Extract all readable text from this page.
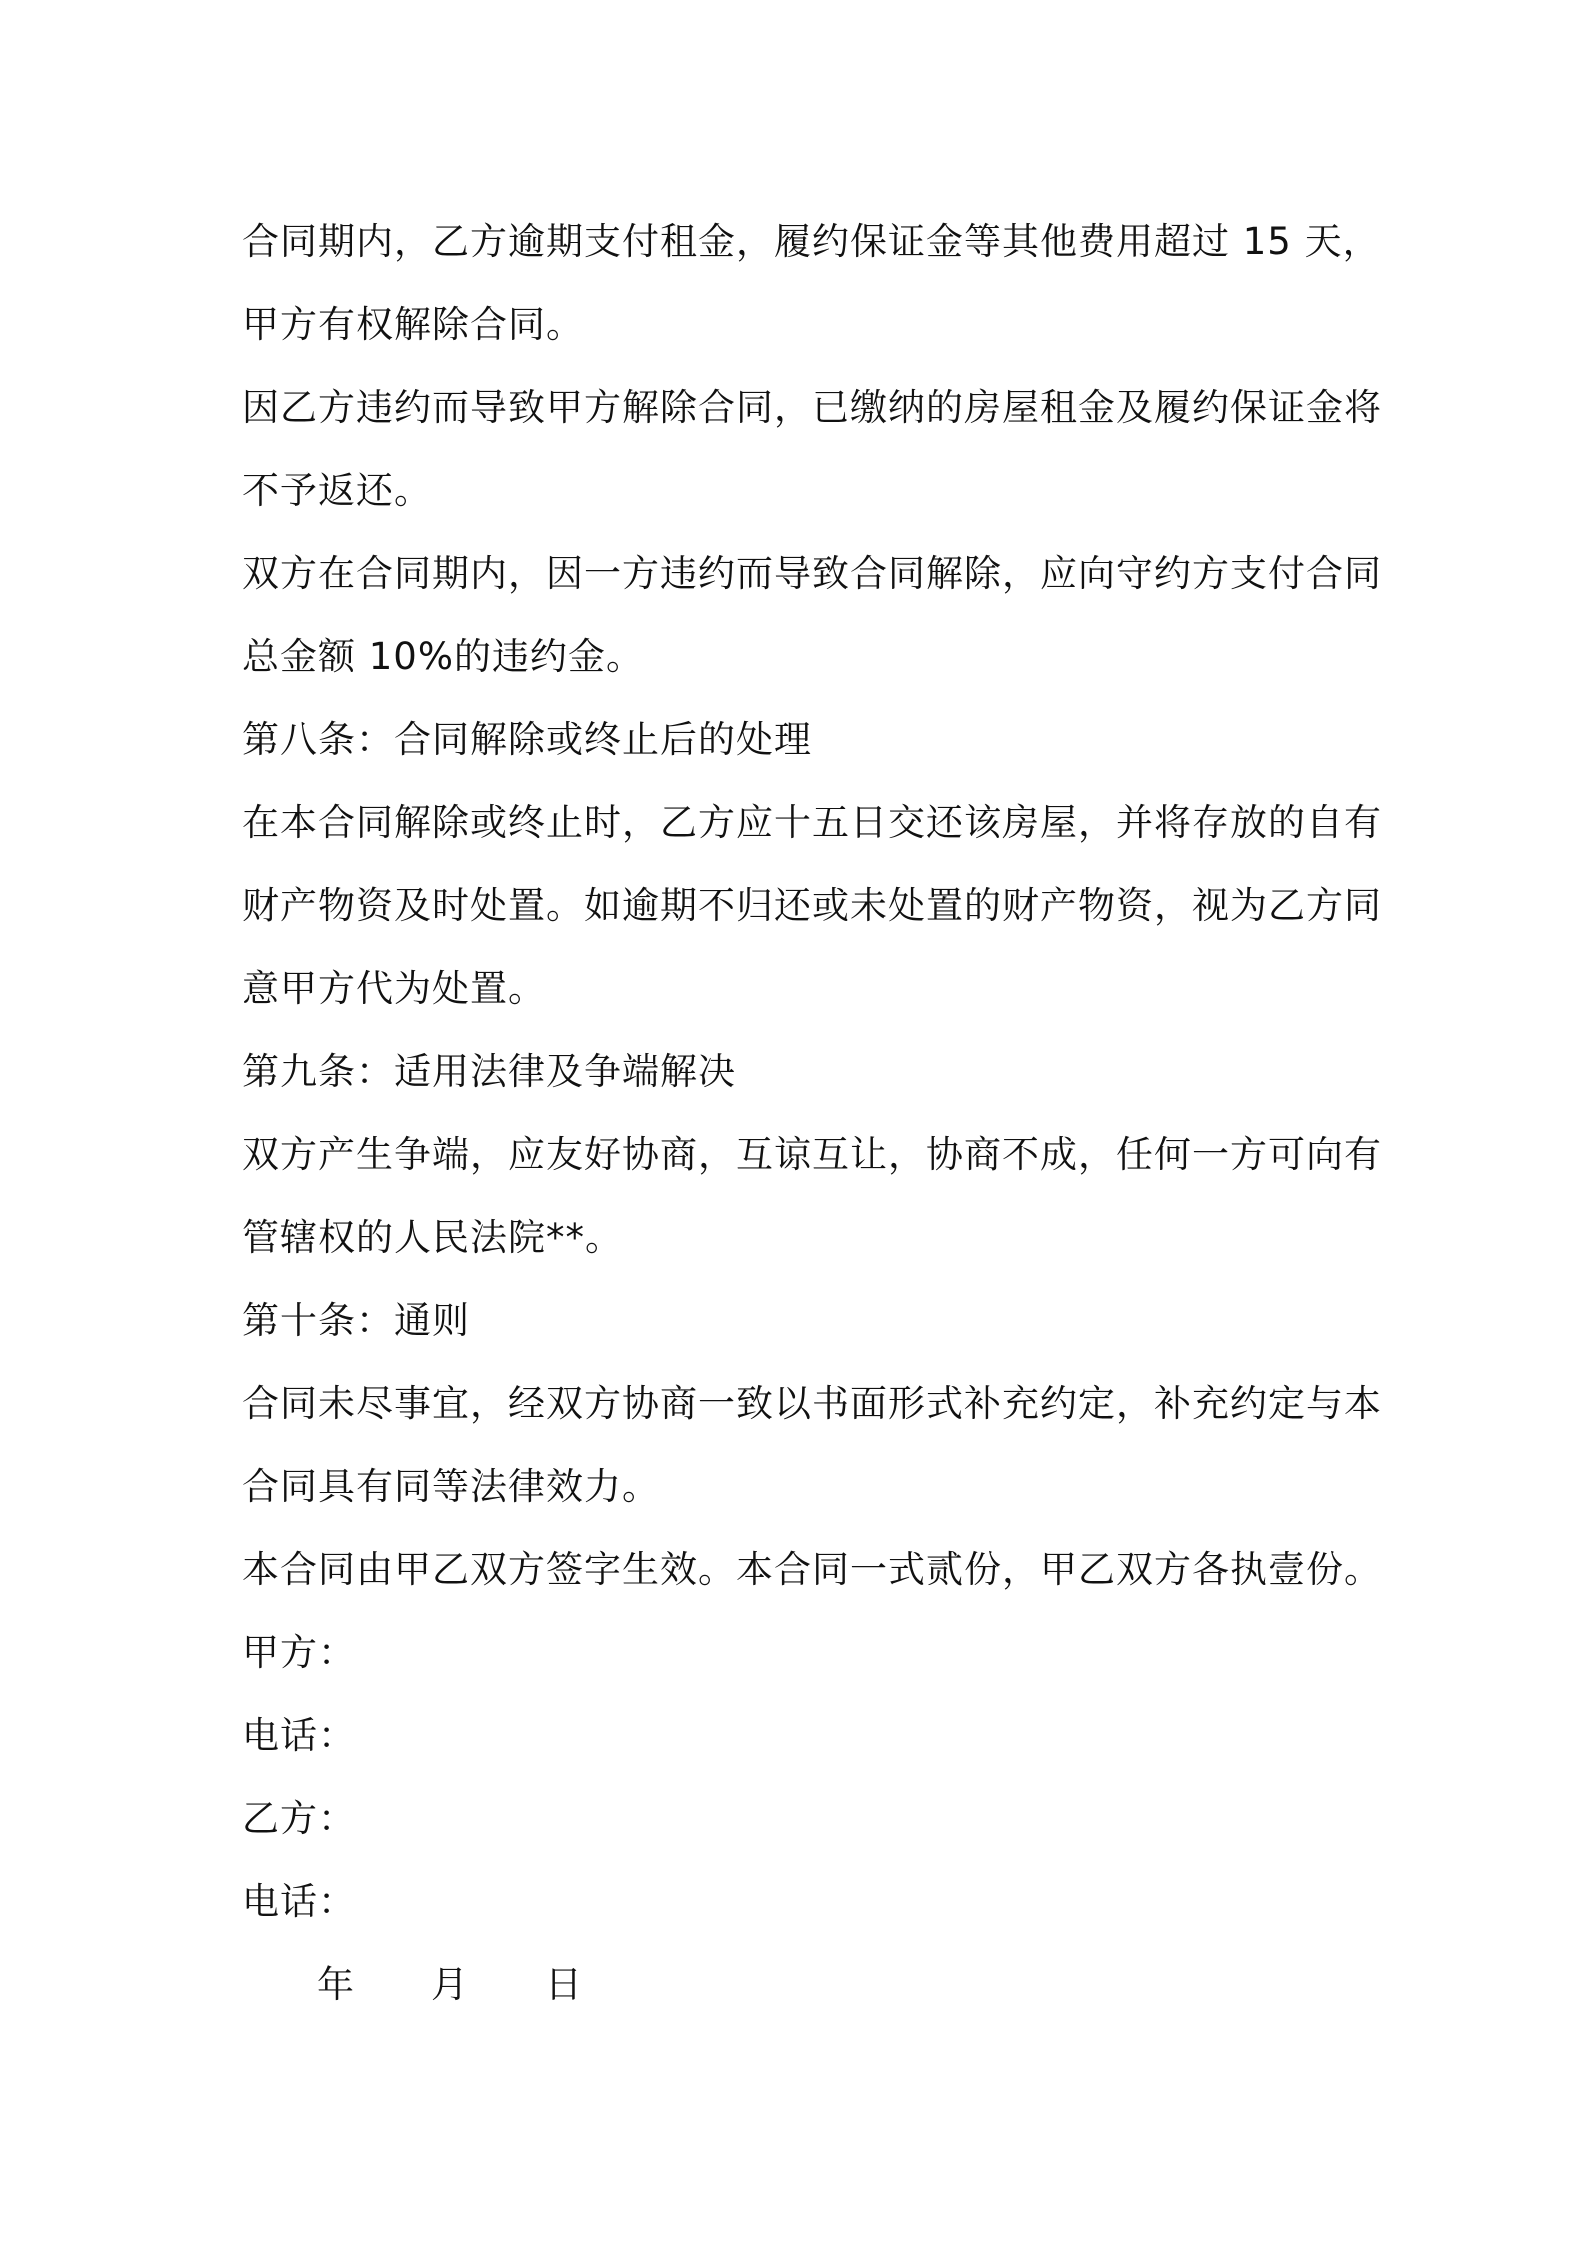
合同期内，乙方逾期支付租金，履约保证金等其他费用超过 15 天，
甲方有权解除合同。
因乙方违约而导致甲方解除合同，已缴纳的房屋租金及履约保证金将
不予返还。
双方在合同期内，因一方违约而导致合同解除，应向守约方支付合同
总金额 10%的违约金。
第八条：合同解除或终止后的处理
在本合同解除或终止时，乙方应十五日交还该房屋，并将存放的自有
财产物资及时处置。如逾期不归还或未处置的财产物资，视为乙方同
意甲方代为处置。
第九条：适用法律及争端解决
双方产生争端，应友好协商，互谅互让，协商不成，任何一方可向有
管辖权的人民法院**。
第十条：通则
合同未尽事宜，经双方协商一致以书面形式补充约定，补充约定与本
合同具有同等法律效力。
本合同由甲乙双方签字生效。本合同一式贰份，甲乙双方各执壹份。
甲方：
电话：
乙方：
电话：
年　　月　　日
